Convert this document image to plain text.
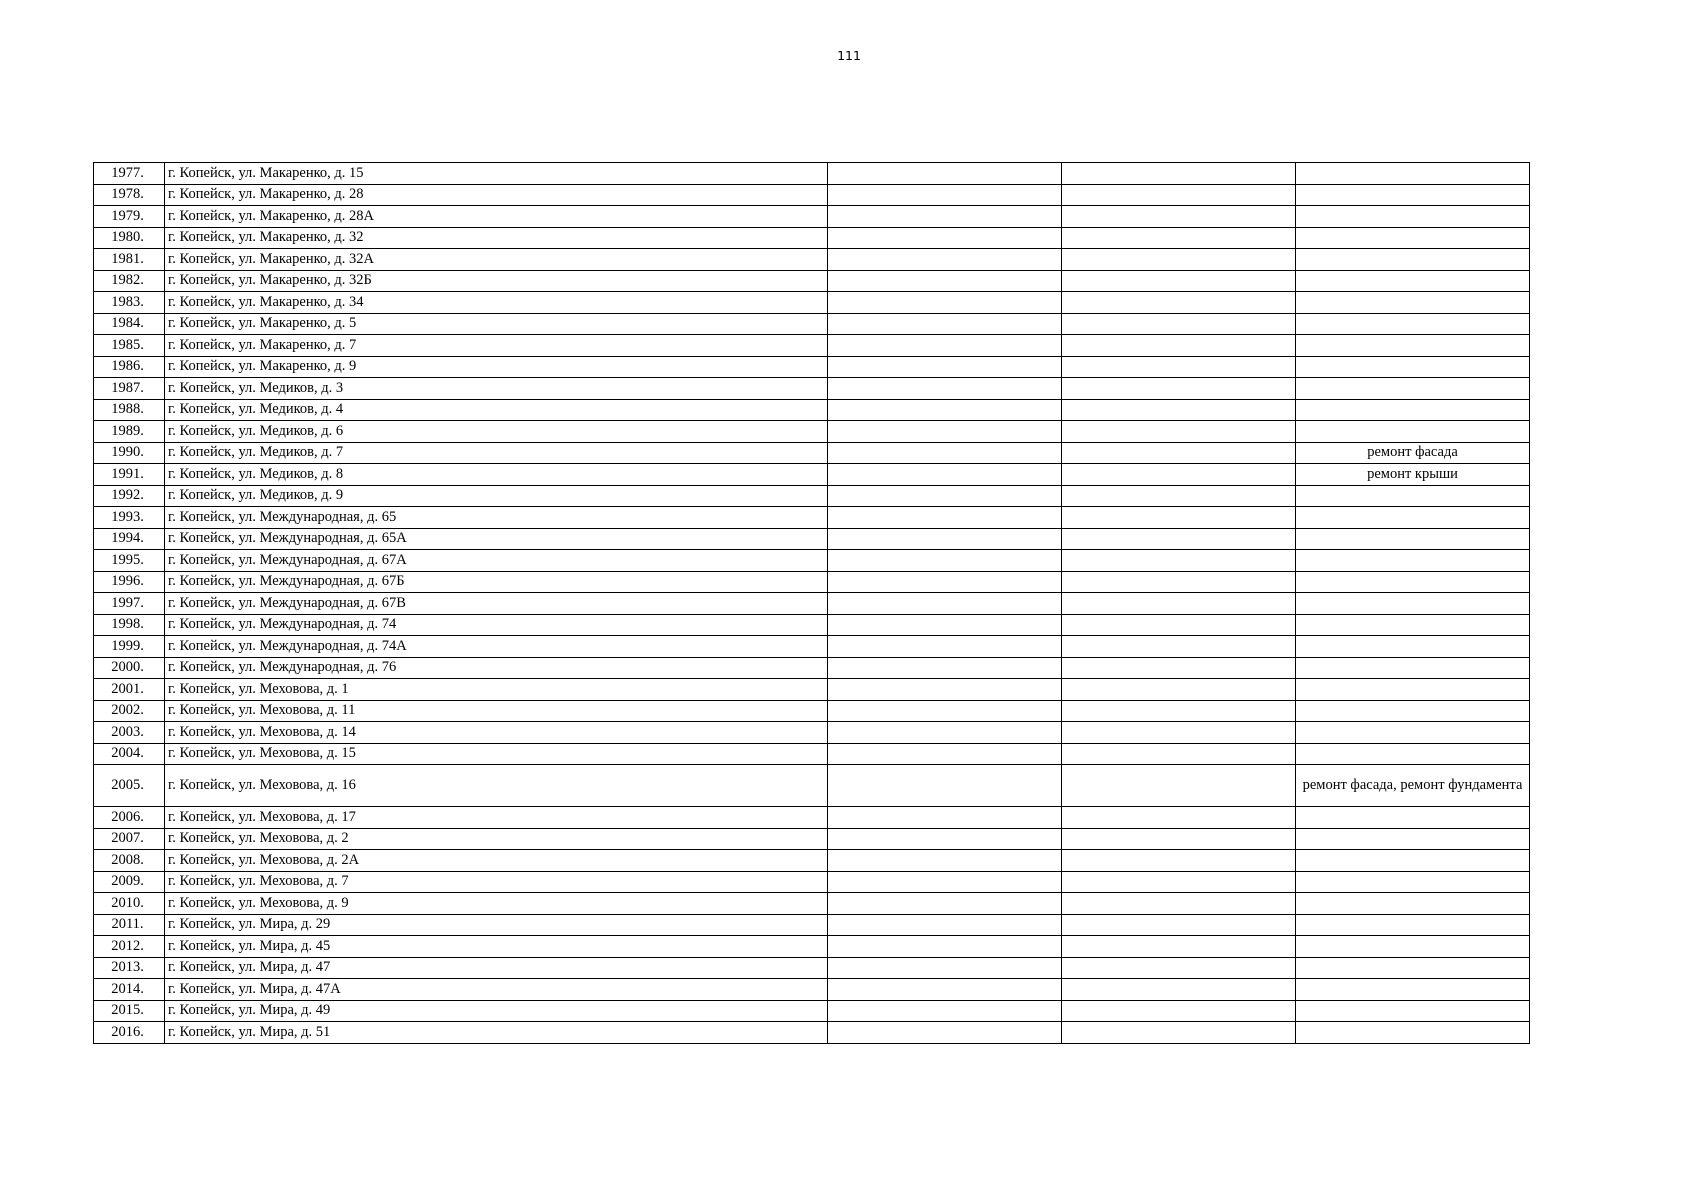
111
1977.	г. Копейск, ул. Макаренко, д. 15			
1978.	г. Копейск, ул. Макаренко, д. 28			
1979.	г. Копейск, ул. Макаренко, д. 28А			
1980.	г. Копейск, ул. Макаренко, д. 32			
1981.	г. Копейск, ул. Макаренко, д. 32А			
1982.	г. Копейск, ул. Макаренко, д. 32Б			
1983.	г. Копейск, ул. Макаренко, д. 34			
1984.	г. Копейск, ул. Макаренко, д. 5			
1985.	г. Копейск, ул. Макаренко, д. 7			
1986.	г. Копейск, ул. Макаренко, д. 9			
1987.	г. Копейск, ул. Медиков, д. 3			
1988.	г. Копейск, ул. Медиков, д. 4			
1989.	г. Копейск, ул. Медиков, д. 6			
1990.	г. Копейск, ул. Медиков, д. 7			ремонт фасада
1991.	г. Копейск, ул. Медиков, д. 8			ремонт крыши
1992.	г. Копейск, ул. Медиков, д. 9			
1993.	г. Копейск, ул. Международная, д. 65			
1994.	г. Копейск, ул. Международная, д. 65А			
1995.	г. Копейск, ул. Международная, д. 67А			
1996.	г. Копейск, ул. Международная, д. 67Б			
1997.	г. Копейск, ул. Международная, д. 67В			
1998.	г. Копейск, ул. Международная, д. 74			
1999.	г. Копейск, ул. Международная, д. 74А			
2000.	г. Копейск, ул. Международная, д. 76			
2001.	г. Копейск, ул. Меховова, д. 1			
2002.	г. Копейск, ул. Меховова, д. 11			
2003.	г. Копейск, ул. Меховова, д. 14			
2004.	г. Копейск, ул. Меховова, д. 15			
2005.	г. Копейск, ул. Меховова, д. 16			ремонт фасада, ремонт фундамента
2006.	г. Копейск, ул. Меховова, д. 17			
2007.	г. Копейск, ул. Меховова, д. 2			
2008.	г. Копейск, ул. Меховова, д. 2А			
2009.	г. Копейск, ул. Меховова, д. 7			
2010.	г. Копейск, ул. Меховова, д. 9			
2011.	г. Копейск, ул. Мира, д. 29			
2012.	г. Копейск, ул. Мира, д. 45			
2013.	г. Копейск, ул. Мира, д. 47			
2014.	г. Копейск, ул. Мира, д. 47А			
2015.	г. Копейск, ул. Мира, д. 49			
2016.	г. Копейск, ул. Мира, д. 51			
